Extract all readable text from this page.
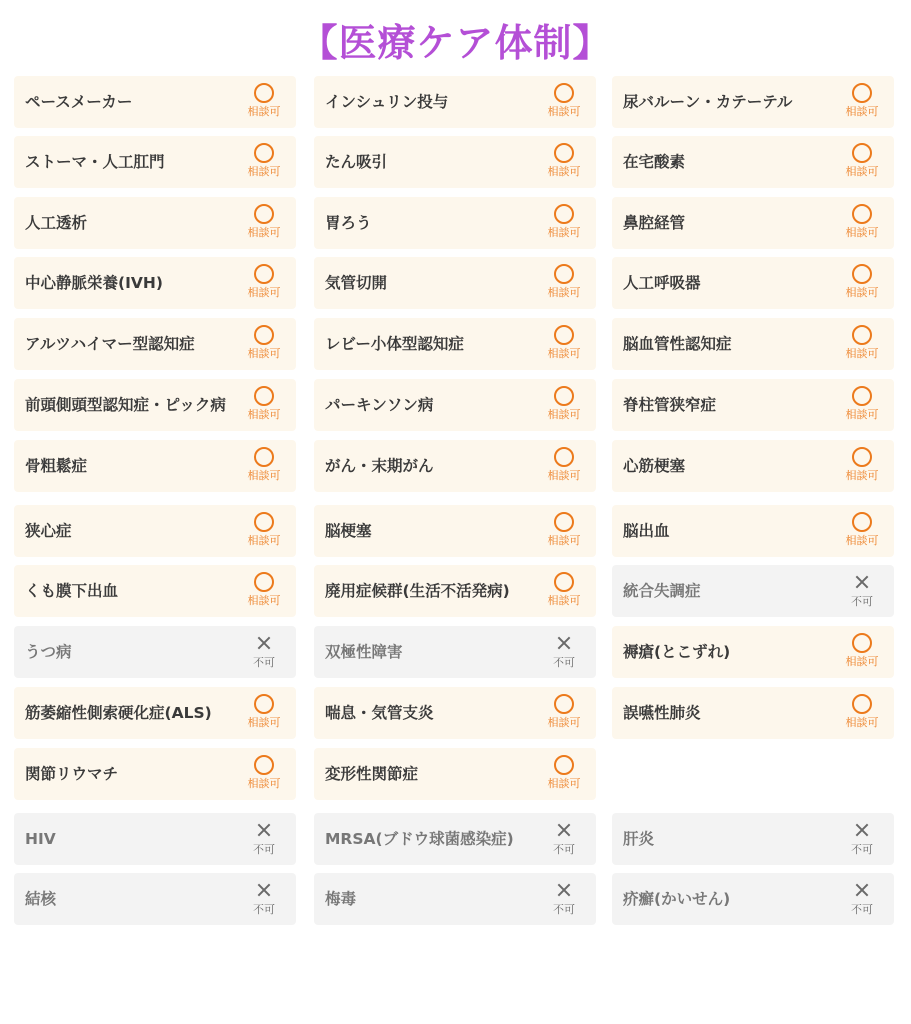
【医療ケア体制】
ペースメーカー
相談可
インシュリン投与
相談可
尿バルーン・カテーテル
相談可
ストーマ・人工肛門
相談可
たん吸引
相談可
在宅酸素
相談可
人工透析
相談可
胃ろう
相談可
鼻腔経管
相談可
中心静脈栄養(IVH)
相談可
気管切開
相談可
人工呼吸器
相談可
アルツハイマー型認知症
相談可
レビー小体型認知症
相談可
脳血管性認知症
相談可
前頭側頭型認知症・ピック病
相談可
パーキンソン病
相談可
脊柱管狭窄症
相談可
骨粗鬆症
相談可
がん・末期がん
相談可
心筋梗塞
相談可
狭心症
相談可
脳梗塞
相談可
脳出血
相談可
くも膜下出血
相談可
廃用症候群(生活不活発病)
相談可
統合失調症
不可
うつ病
不可
双極性障害
不可
褥瘡(とこずれ)
相談可
筋萎縮性側索硬化症(ALS)
相談可
喘息・気管支炎
相談可
誤嚥性肺炎
相談可
関節リウマチ
相談可
変形性関節症
相談可
HIV
不可
MRSA(ブドウ球菌感染症)
不可
肝炎
不可
結核
不可
梅毒
不可
疥癬(かいせん)
不可
